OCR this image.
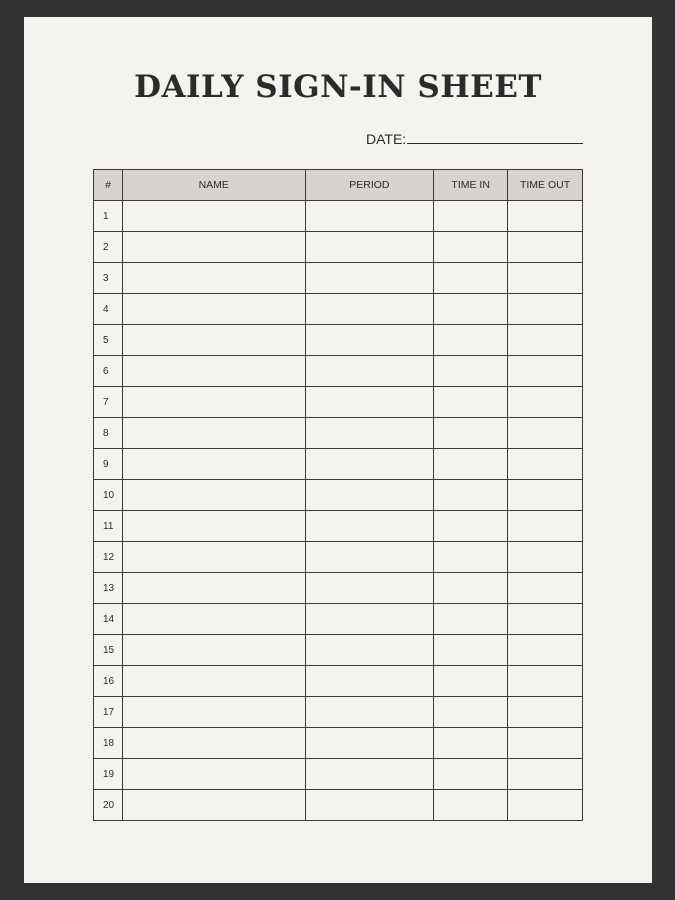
DAILY SIGN-IN SHEET
DATE:
#	NAME	PERIOD	TIME IN	TIME OUT
1				
2				
3				
4				
5				
6				
7				
8				
9				
10				
11				
12				
13				
14				
15				
16				
17				
18				
19				
20				
